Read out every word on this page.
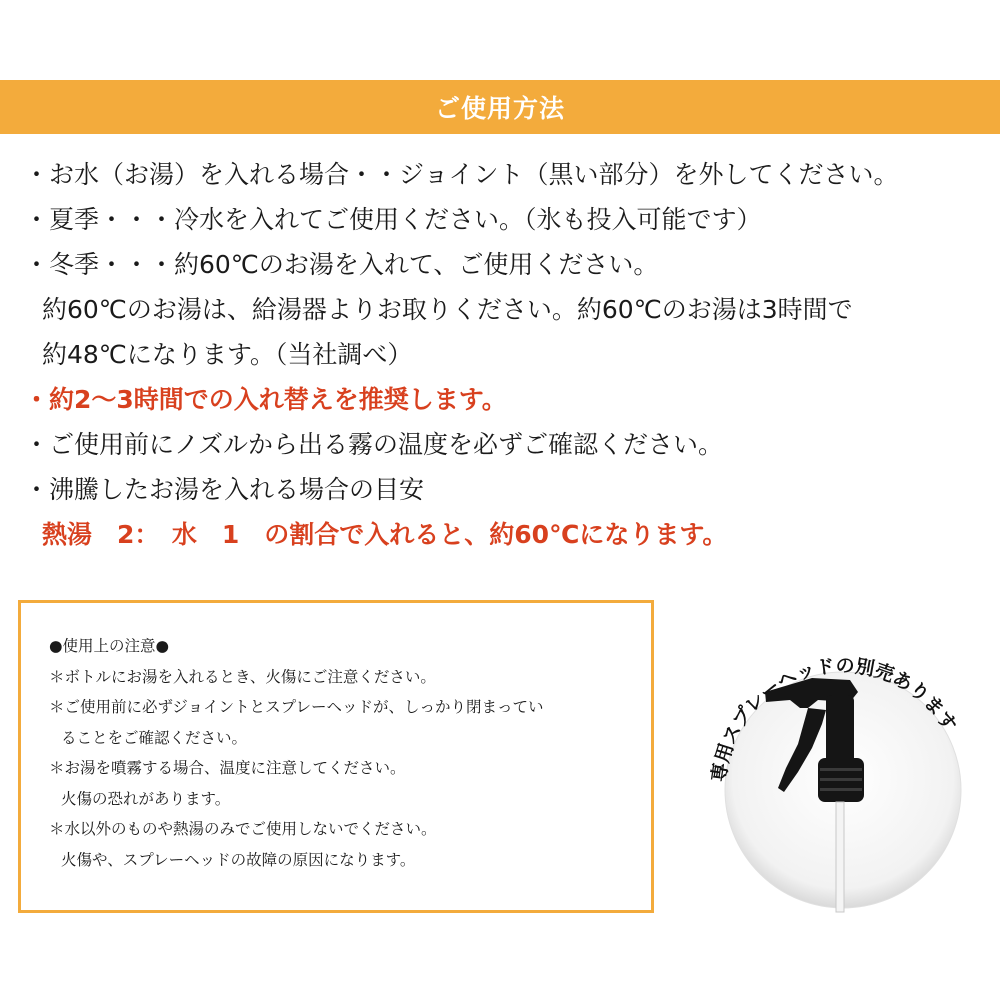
ご使用方法
・お水（お湯）を入れる場合・・ジョイント（黒い部分）を外してください。
・夏季・・・冷水を入れてご使用ください。（氷も投入可能です）
・冬季・・・約60℃のお湯を入れて、ご使用ください。
約60℃のお湯は、給湯器よりお取りください。約60℃のお湯は3時間で
約48℃になります。（当社調べ）
・約2〜3時間での入れ替えを推奨します。
・ご使用前にノズルから出る霧の温度を必ずご確認ください。
・沸騰したお湯を入れる場合の目安
熱湯　2：　水　1　の割合で入れると、約60℃になります。
●使用上の注意●
＊ボトルにお湯を入れるとき、火傷にご注意ください。
＊ご使用前に必ずジョイントとスプレーヘッドが、しっかり閉まってい
ることをご確認ください。
＊お湯を噴霧する場合、温度に注意してください。
火傷の恐れがあります。
＊水以外のものや熱湯のみでご使用しないでください。
火傷や、スプレーヘッドの故障の原因になります。
専用スプレーヘッドの別売あります
